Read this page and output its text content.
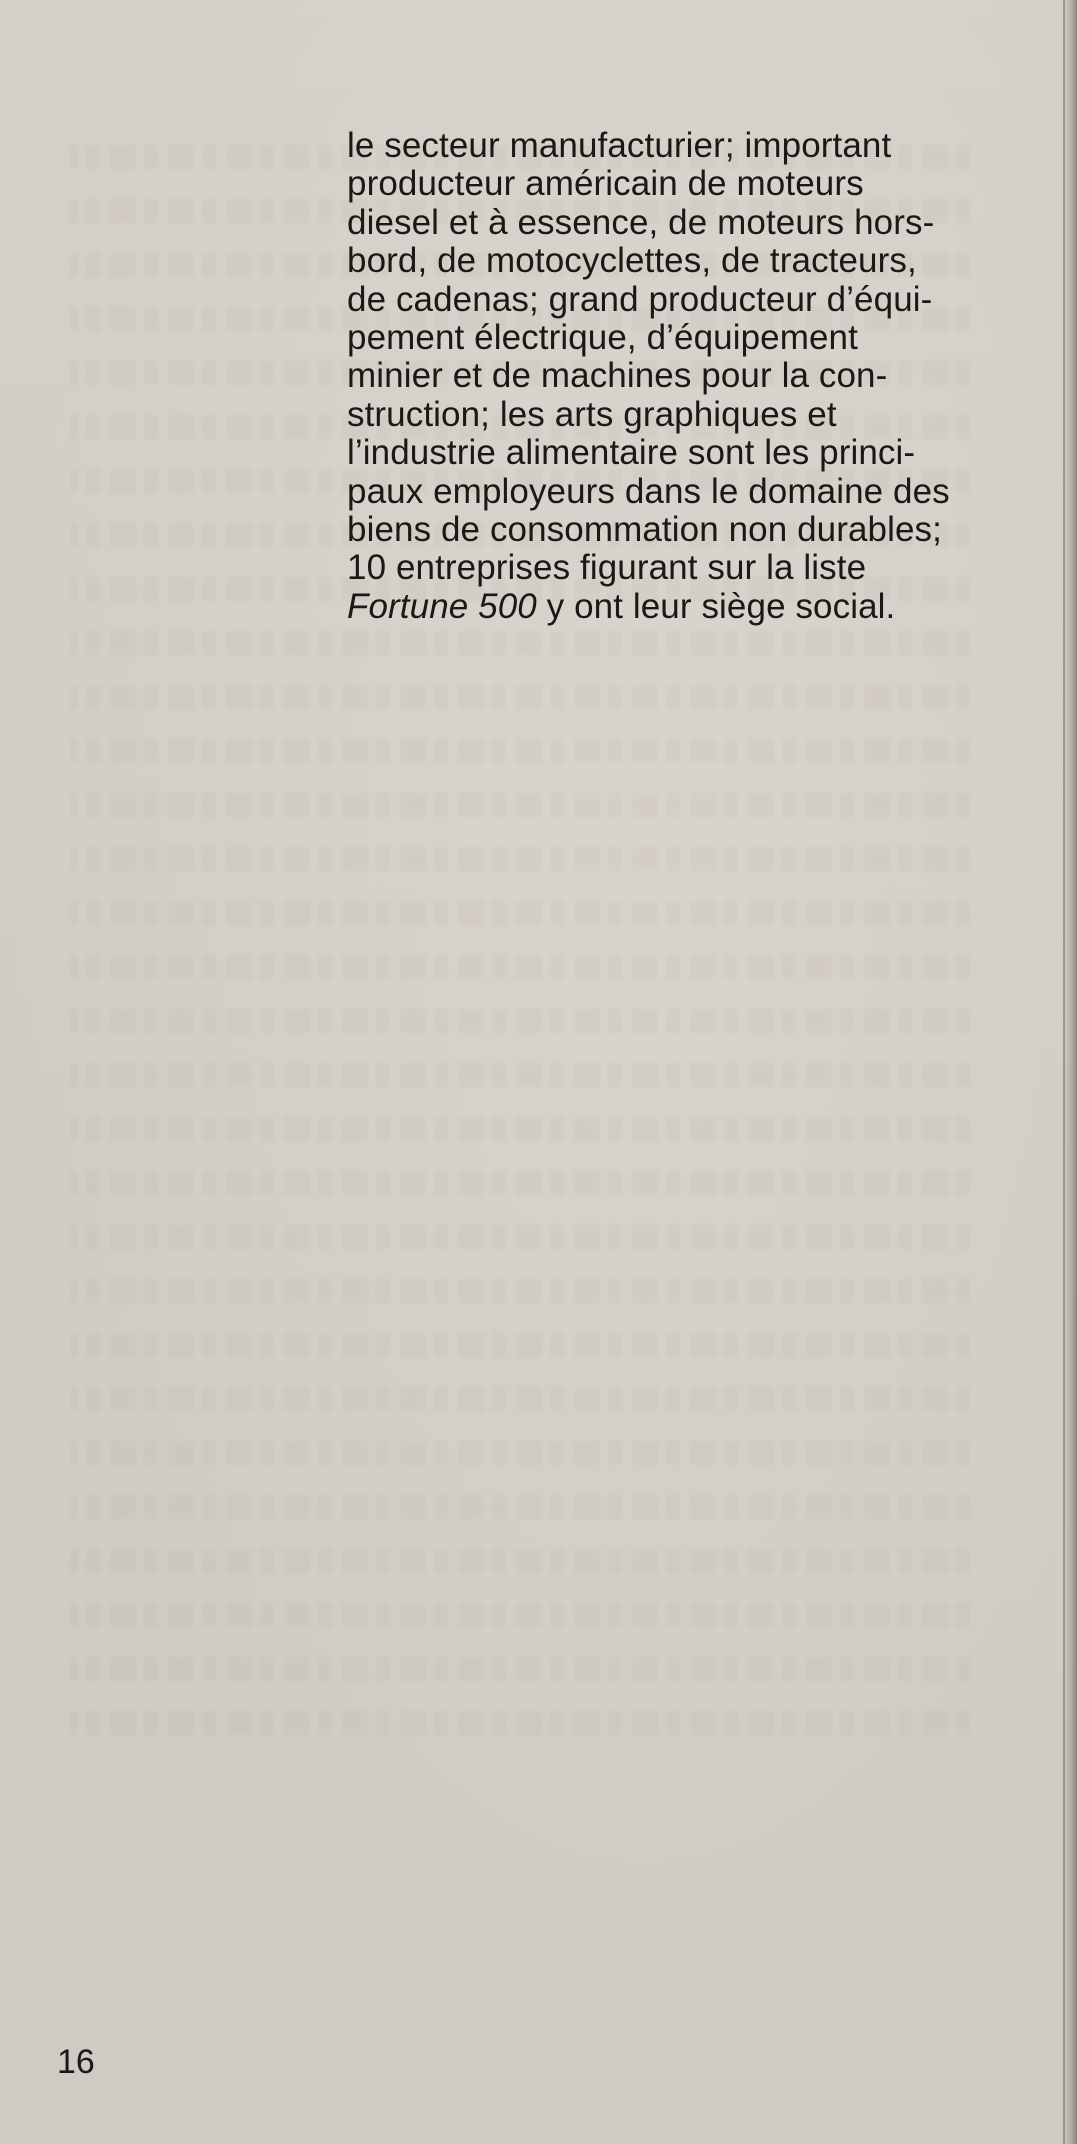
le secteur manufacturier; important
producteur américain de moteurs
diesel et à essence, de moteurs hors-
bord, de motocyclettes, de tracteurs,
de cadenas; grand producteur d’équi-
pement électrique, d’équipement
minier et de machines pour la con-
struction; les arts graphiques et
l’industrie alimentaire sont les princi-
paux employeurs dans le domaine des
biens de consommation non durables;
10 entreprises figurant sur la liste
Fortune 500 y ont leur siège social.

16
